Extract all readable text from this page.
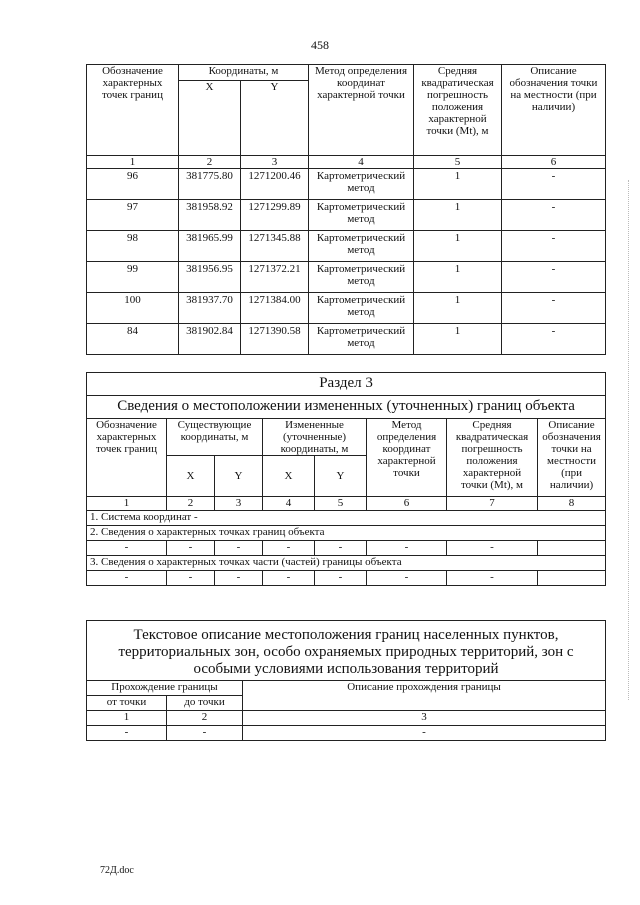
458
Обозначение характерных точек границ	Координаты, м		Метод определения координат характерной точки	Средняя квадратическая погрешность положения характерной точки (Mt), м	Описание обозначения точки на местности (при наличии)
	X	Y			
1	2	3	4	5	6
96	381775.80	1271200.46	Картометрический метод	1	-
97	381958.92	1271299.89	Картометрический метод	1	-
98	381965.99	1271345.88	Картометрический метод	1	-
99	381956.95	1271372.21	Картометрический метод	1	-
100	381937.70	1271384.00	Картометрический метод	1	-
84	381902.84	1271390.58	Картометрический метод	1	-
Раздел 3							
Сведения о местоположении измененных (уточненных) границ объекта							
Обозначение характерных точек границ	Существующие координаты, м		Измененные (уточненные) координаты, м		Метод определения координат характерной точки	Средняя квадратическая погрешность положения характерной точки (Mt), м	Описание обозначения точки на местности (при наличии)
	X	Y	X	Y			
1	2	3	4	5	6	7	8
1. Система координат -							
2. Сведения о характерных точках границ объекта							
-	-	-	-	-	-	-	
3. Сведения о характерных точках части (частей) границы объекта							
-	-	-	-	-	-	-	
Текстовое описание местоположения границ населенных пунктов, территориальных зон, особо охраняемых природных территорий, зон с особыми условиями использования территорий		
Прохождение границы		Описание прохождения границы
от точки	до точки	
1	2	3
-	-	-
72Д.doc
